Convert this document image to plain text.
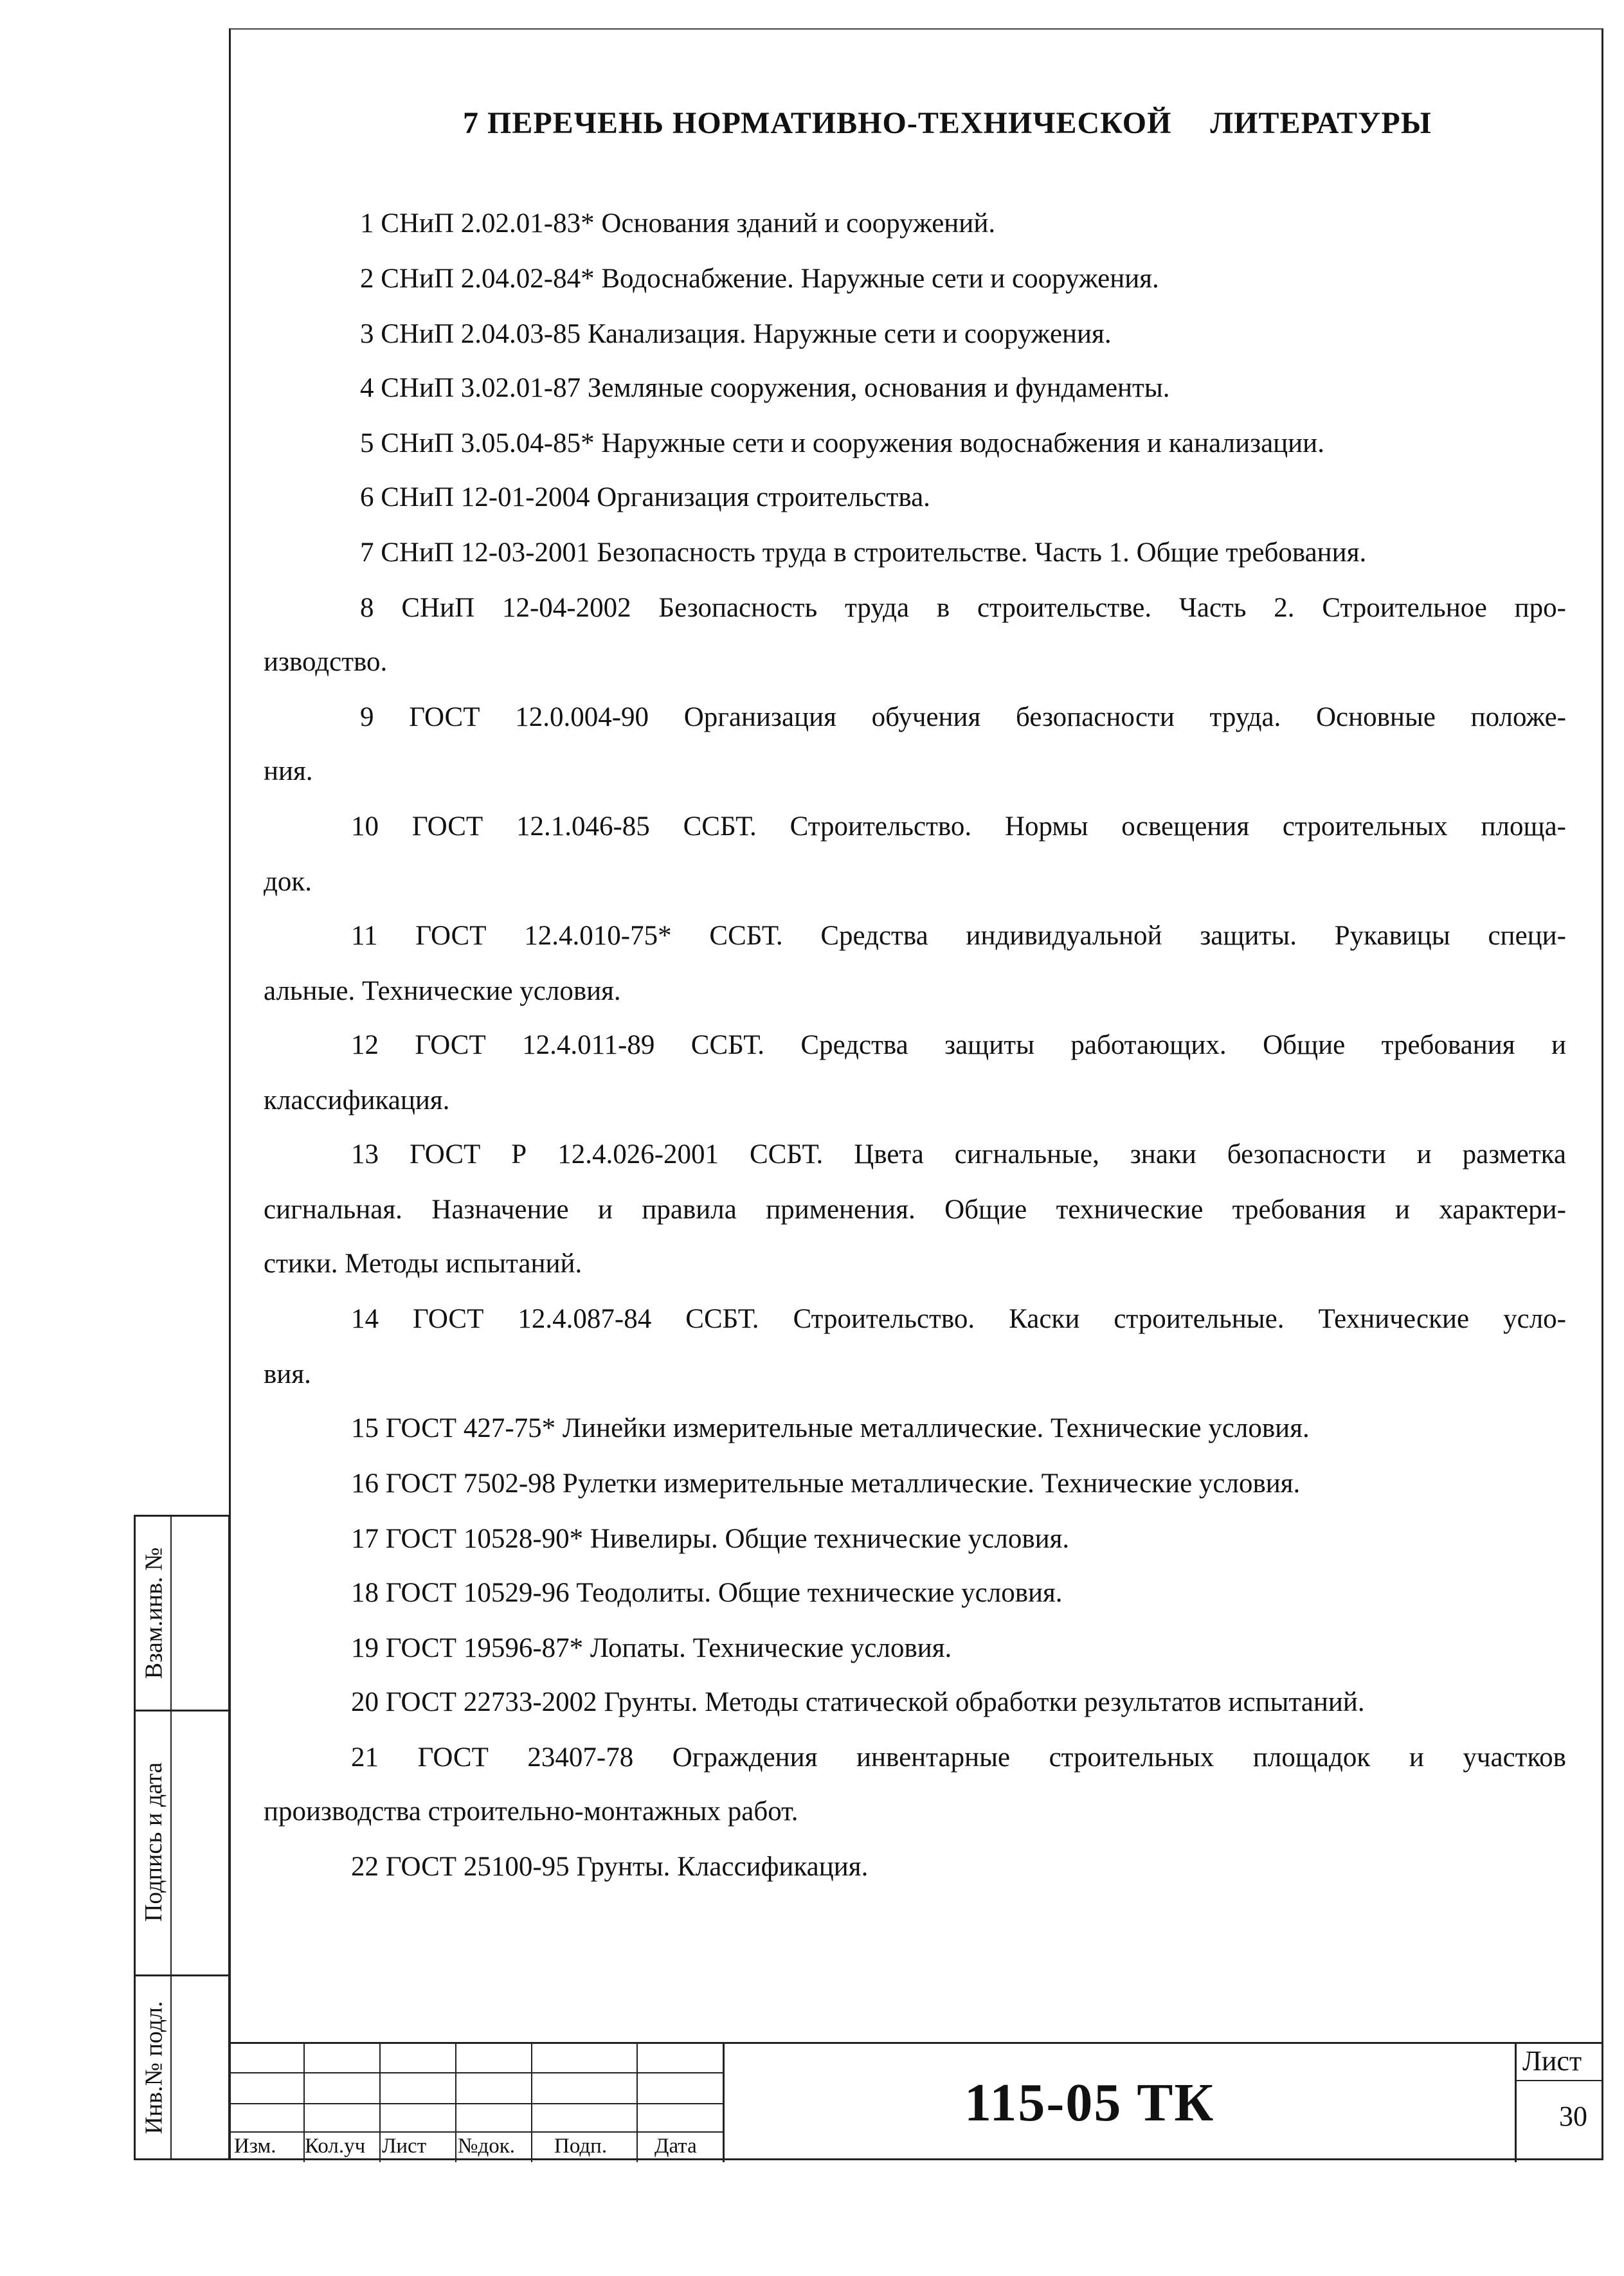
7 ПЕРЕЧЕНЬ НОРМАТИВНО-ТЕХНИЧЕСКОЙ ЛИТЕРАТУРЫ
1 СНиП 2.02.01-83* Основания зданий и сооружений.
2 СНиП 2.04.02-84* Водоснабжение. Наружные сети и сооружения.
3 СНиП 2.04.03-85 Канализация. Наружные сети и сооружения.
4 СНиП 3.02.01-87 Земляные сооружения, основания и фундаменты.
5 СНиП 3.05.04-85* Наружные сети и сооружения водоснабжения и канализации.
6 СНиП 12-01-2004 Организация строительства.
7 СНиП 12-03-2001 Безопасность труда в строительстве. Часть 1. Общие требования.
8 СНиП 12-04-2002 Безопасность труда в строительстве. Часть 2. Строительное про-
изводство.
9 ГОСТ 12.0.004-90 Организация обучения безопасности труда. Основные положе-
ния.
10 ГОСТ 12.1.046-85 ССБТ. Строительство. Нормы освещения строительных площа-
док.
11 ГОСТ 12.4.010-75* ССБТ. Средства индивидуальной защиты. Рукавицы специ-
альные. Технические условия.
12 ГОСТ 12.4.011-89 ССБТ. Средства защиты работающих. Общие требования и
классификация.
13 ГОСТ Р 12.4.026-2001 ССБТ. Цвета сигнальные, знаки безопасности и разметка
сигнальная. Назначение и правила применения. Общие технические требования и характери-
стики. Методы испытаний.
14 ГОСТ 12.4.087-84 ССБТ. Строительство. Каски строительные. Технические усло-
вия.
15 ГОСТ 427-75* Линейки измерительные металлические. Технические условия.
16 ГОСТ 7502-98 Рулетки измерительные металлические. Технические условия.
17 ГОСТ 10528-90* Нивелиры. Общие технические условия.
18 ГОСТ 10529-96 Теодолиты. Общие технические условия.
19 ГОСТ 19596-87* Лопаты. Технические условия.
20 ГОСТ 22733-2002 Грунты. Методы статической обработки результатов испытаний.
21 ГОСТ 23407-78 Ограждения инвентарные строительных площадок и участков
производства строительно-монтажных работ.
22 ГОСТ 25100-95 Грунты. Классификация.
Взам.инв. №
Подпись и дата
Инв.№ подл.
Изм. Кол.уч Лист №док. Подп. Дата
115-05 ТК
Лист
30
